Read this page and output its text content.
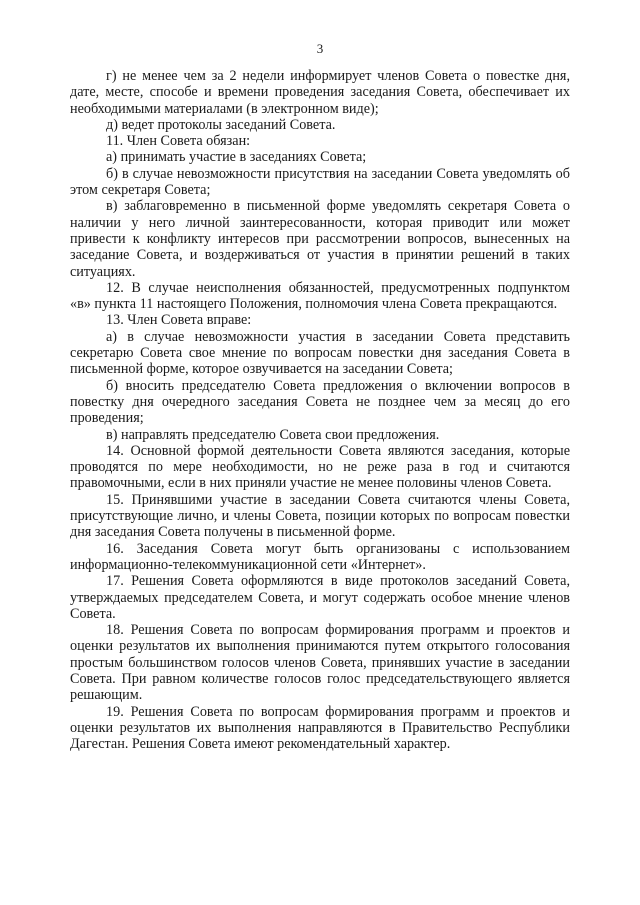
3

г) не менее чем за 2 недели информирует членов Совета о повестке дня, дате, месте, способе и времени проведения заседания Совета, обеспечивает их необходимыми материалами (в электронном виде);

д) ведет протоколы заседаний Совета.

11. Член Совета обязан:

а) принимать участие в заседаниях Совета;

б) в случае невозможности присутствия на заседании Совета уведомлять об этом секретаря Совета;

в) заблаговременно в письменной форме уведомлять секретаря Совета о наличии у него личной заинтересованности, которая приводит или может привести к конфликту интересов при рассмотрении вопросов, вынесенных на заседание Совета, и воздерживаться от участия в принятии решений в таких ситуациях.

12. В случае неисполнения обязанностей, предусмотренных подпунктом «в» пункта 11 настоящего Положения, полномочия члена Совета прекращаются.

13. Член Совета вправе:

а) в случае невозможности участия в заседании Совета представить секретарю Совета свое мнение по вопросам повестки дня заседания Совета в письменной форме, которое озвучивается на заседании Совета;

б) вносить председателю Совета предложения о включении вопросов в повестку дня очередного заседания Совета не позднее чем за месяц до его проведения;

в) направлять председателю Совета свои предложения.

14. Основной формой деятельности Совета являются заседания, которые проводятся по мере необходимости, но не реже раза в год и считаются правомочными, если в них приняли участие не менее половины членов Совета.

15. Принявшими участие в заседании Совета считаются члены Совета, присутствующие лично, и члены Совета, позиции которых по вопросам повестки дня заседания Совета получены в письменной форме.

16. Заседания Совета могут быть организованы с использованием информационно-телекоммуникационной сети «Интернет».

17. Решения Совета оформляются в виде протоколов заседаний Совета, утверждаемых председателем Совета, и могут содержать особое мнение членов Совета.

18. Решения Совета по вопросам формирования программ и проектов и оценки результатов их выполнения принимаются путем открытого голосования простым большинством голосов членов Совета, принявших участие в заседании Совета. При равном количестве голосов голос председательствующего является решающим.

19. Решения Совета по вопросам формирования программ и проектов и оценки результатов их выполнения направляются в Правительство Республики Дагестан. Решения Совета имеют рекомендательный характер.
